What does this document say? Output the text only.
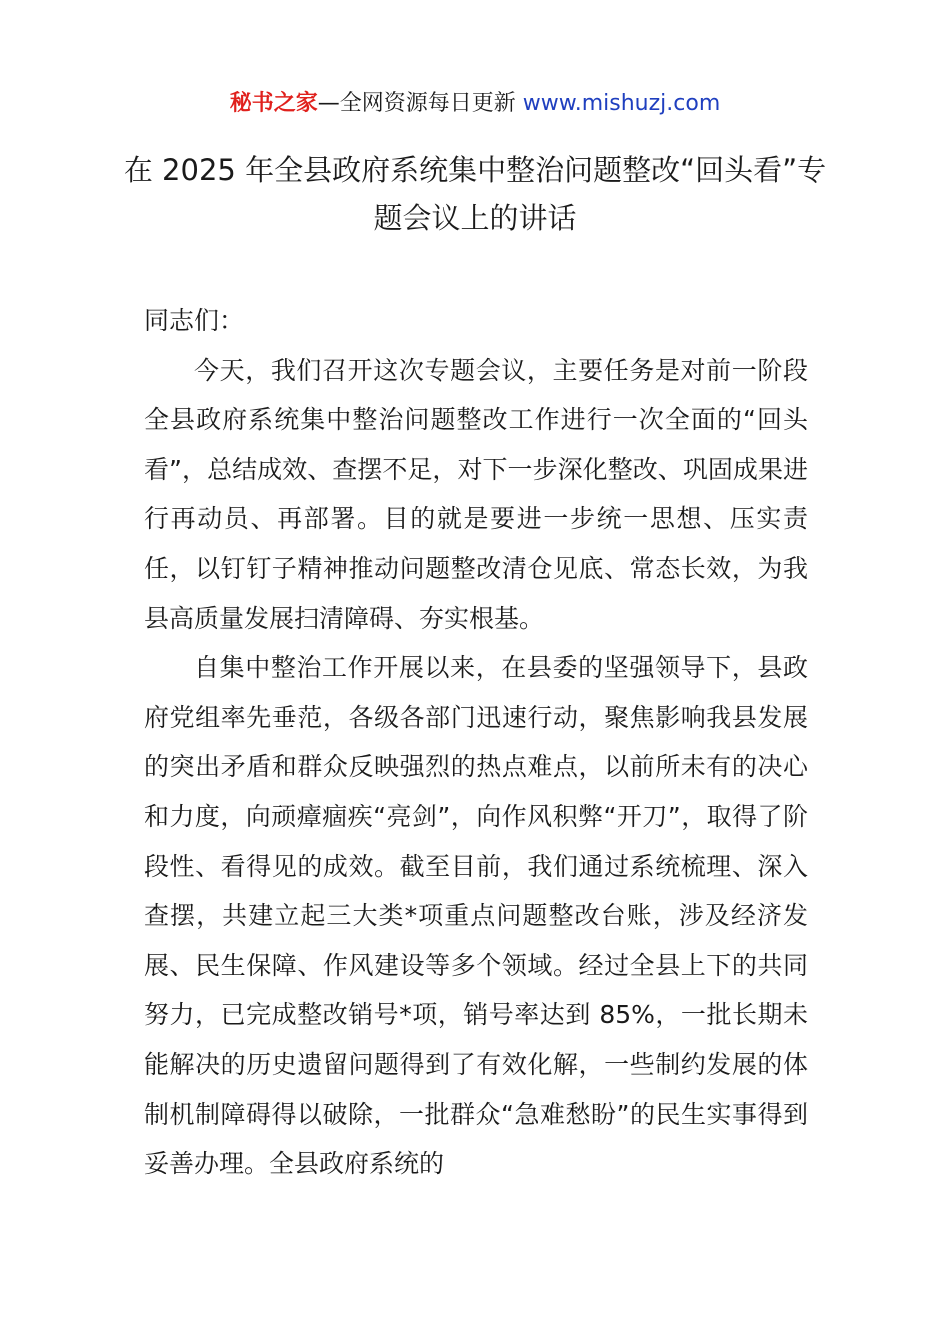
秘书之家—全网资源每日更新 www.mishuzj.com
在 2025 年全县政府系统集中整治问题整改“回头看”专题会议上的讲话

同志们：

今天，我们召开这次专题会议，主要任务是对前一阶段全县政府系统集中整治问题整改工作进行一次全面的“回头看”，总结成效、查摆不足，对下一步深化整改、巩固成果进行再动员、再部署。目的就是要进一步统一思想、压实责任，以钉钉子精神推动问题整改清仓见底、常态长效，为我县高质量发展扫清障碍、夯实根基。

自集中整治工作开展以来，在县委的坚强领导下，县政府党组率先垂范，各级各部门迅速行动，聚焦影响我县发展的突出矛盾和群众反映强烈的热点难点，以前所未有的决心和力度，向顽瘴痼疾“亮剑”，向作风积弊“开刀”，取得了阶段性、看得见的成效。截至目前，我们通过系统梳理、深入查摆，共建立起三大类*项重点问题整改台账，涉及经济发展、民生保障、作风建设等多个领域。经过全县上下的共同努力，已完成整改销号*项，销号率达到 85%，一批长期未能解决的历史遗留问题得到了有效化解，一些制约发展的体制机制障碍得以破除，一批群众“急难愁盼”的民生实事得到妥善办理。全县政府系统的
